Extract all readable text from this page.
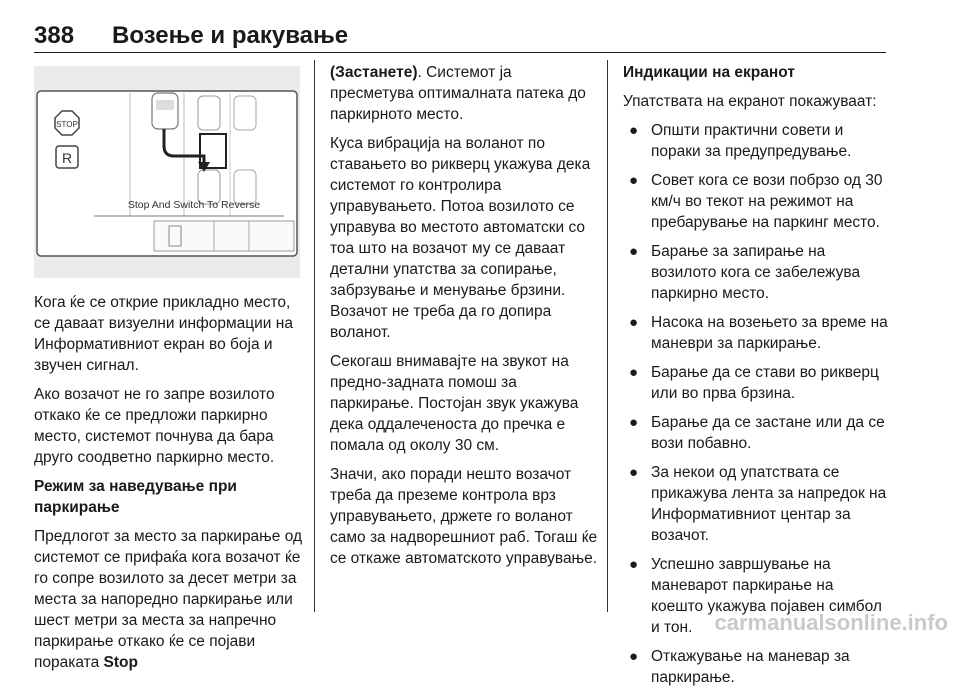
388 Возење и ракување
STOP
R
Stop And Switch To Reverse

Кога ќе се открие прикладно место, се даваат визуелни информации на Информативниот екран во боја и звучен сигнал.

Ако возачот не го запре возилото откако ќе се предложи паркирно место, системот почнува да бара друго соодветно паркирно место.

Режим за наведување при паркирање

Предлогот за место за паркирање од системот се прифаќа кога возачот ќе го сопре возилото за десет метри за места за напоредно паркирање или шест метри за места за напречно паркирање откако ќе се појави пораката Stop

(Застанете). Системот ја пресметува оптималната патека до паркирното место.

Куса вибрација на воланот по ставањето во рикверц укажува дека системот го контролира управувањето. Потоа возилото се управува во местото автоматски со тоа што на возачот му се даваат детални упатства за сопирање, забрзување и менување брзини. Возачот не треба да го допира воланот.

Секогаш внимавајте на звукот на предно-задната помош за паркирање. Постојан звук укажува дека оддалеченоста до пречка е помала од околу 30 см.

Значи, ако поради нешто возачот треба да преземе контрола врз управувањето, држете го воланот само за надворешниот раб. Тогаш ќе се откаже автоматското управување.

Индикации на екранот

Упатствата на екранот покажуваат:

● Општи практични совети и пораки за предупредување.
● Совет кога се вози побрзо од 30 км/ч во текот на режимот на пребарување на паркинг место.
● Барање за запирање на возилото кога се забележува паркирно место.
● Насока на возењето за време на маневри за паркирање.
● Барање да се стави во рикверц или во прва брзина.
● Барање да се застане или да се вози побавно.
● За некои од упатствата се прикажува лента за напредок на Информативниот центар за возачот.
● Успешно завршување на маневарот паркирање на коешто укажува појавен симбол и тон.
● Откажување на маневар за паркирање.
carmanualsonline.info
